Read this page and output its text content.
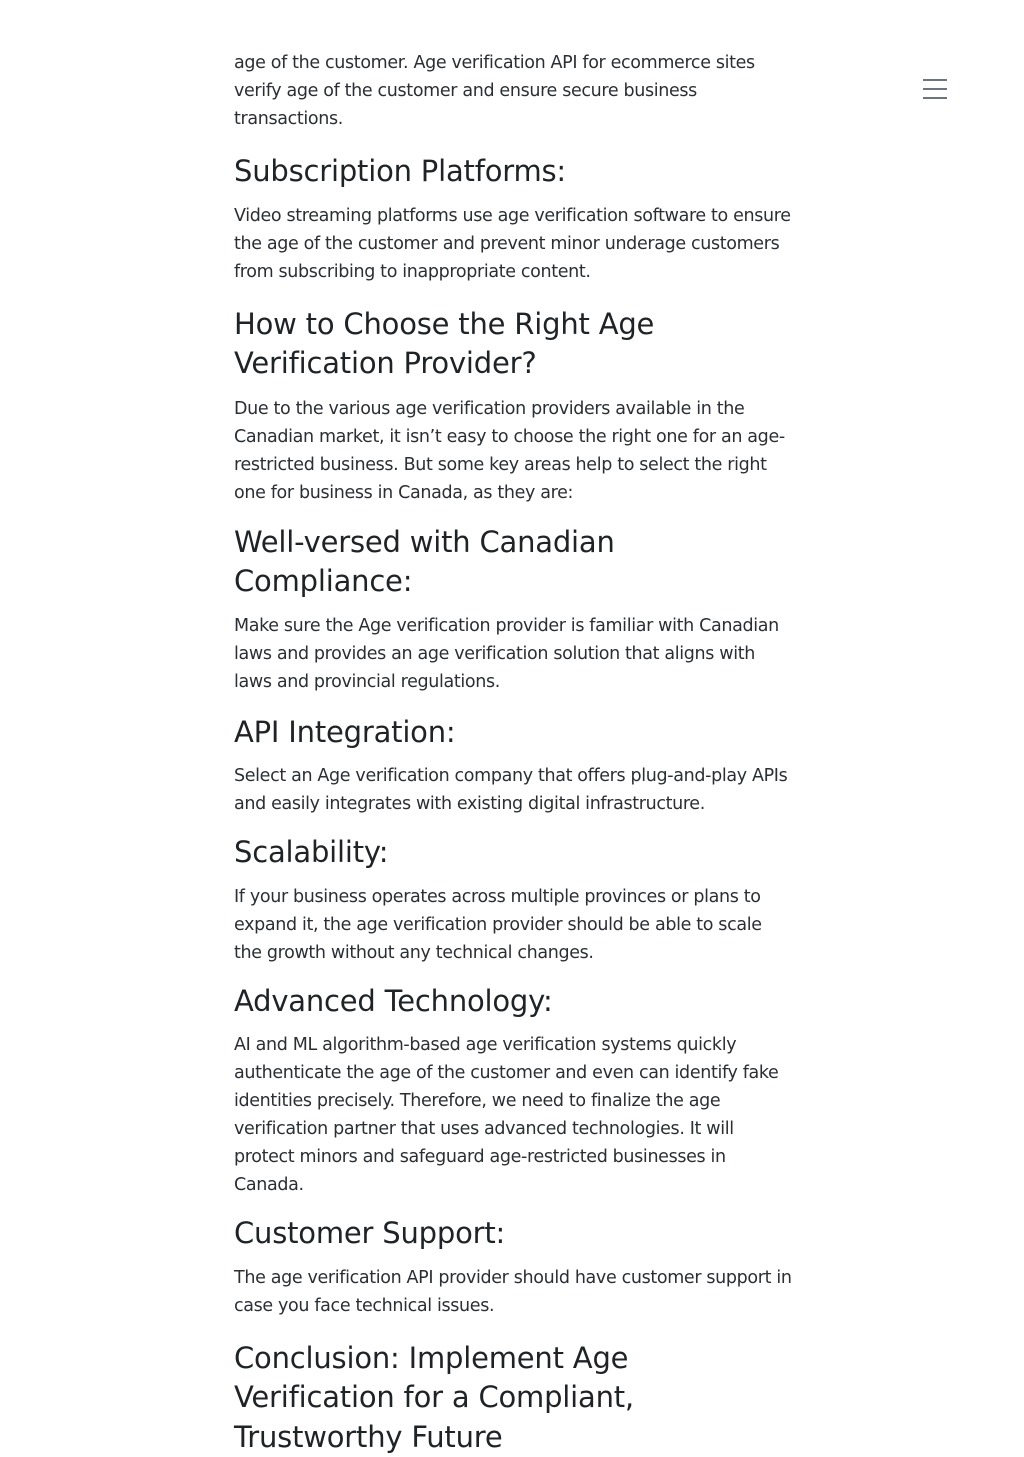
age of the customer. Age verification API for ecommerce sites verify age of the customer and ensure secure business transactions.

Subscription Platforms:

Video streaming platforms use age verification software to ensure the age of the customer and prevent minor underage customers from subscribing to inappropriate content.

How to Choose the Right Age Verification Provider?

Due to the various age verification providers available in the Canadian market, it isn’t easy to choose the right one for an age-restricted business. But some key areas help to select the right one for business in Canada, as they are:

Well-versed with Canadian Compliance:

Make sure the Age verification provider is familiar with Canadian laws and provides an age verification solution that aligns with laws and provincial regulations.

API Integration:

Select an Age verification company that offers plug-and-play APIs and easily integrates with existing digital infrastructure.

Scalability:

If your business operates across multiple provinces or plans to expand it, the age verification provider should be able to scale the growth without any technical changes.

Advanced Technology:

AI and ML algorithm-based age verification systems quickly authenticate the age of the customer and even can identify fake identities precisely. Therefore, we need to finalize the age verification partner that uses advanced technologies. It will protect minors and safeguard age-restricted businesses in Canada.

Customer Support:

The age verification API provider should have customer support in case you face technical issues.

Conclusion: Implement Age Verification for a Compliant, Trustworthy Future
